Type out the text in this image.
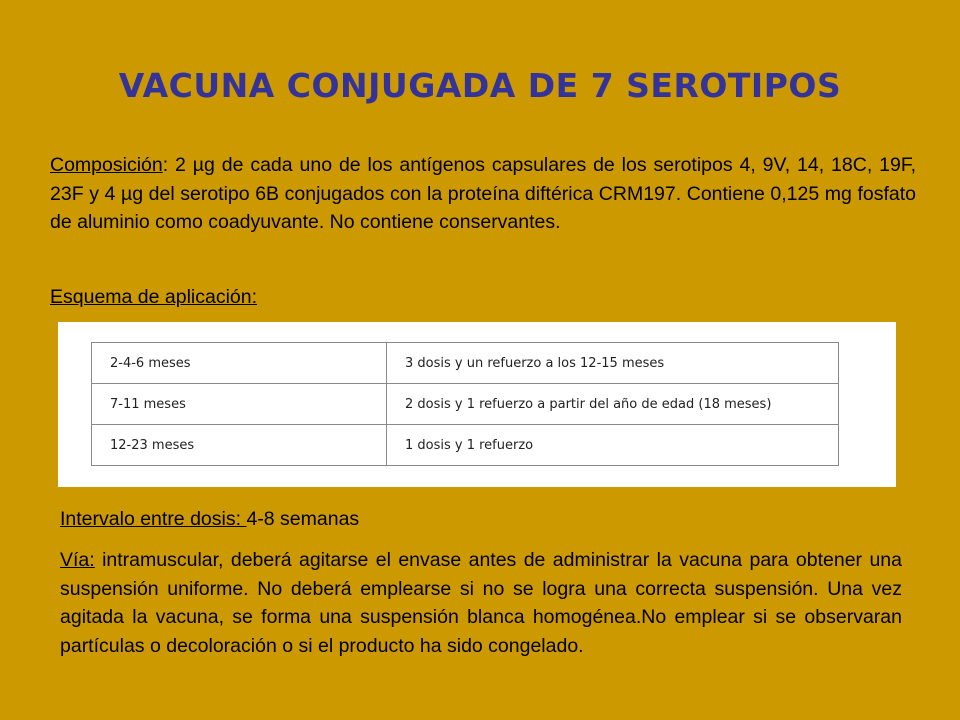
VACUNA CONJUGADA DE 7 SEROTIPOS
Composición: 2 µg de cada uno de los antígenos capsulares de los serotipos 4, 9V, 14, 18C, 19F, 23F y 4 µg del serotipo 6B conjugados con la proteína diftérica CRM197. Contiene 0,125 mg fosfato de aluminio como coadyuvante. No contiene conservantes.
Esquema de aplicación:
2-4-6 meses	3 dosis y un refuerzo a los 12-15 meses
7-11 meses	2 dosis y 1 refuerzo a partir del año de edad (18 meses)
12-23 meses	1 dosis y 1 refuerzo
Intervalo entre dosis: 4-8 semanas
Vía: intramuscular, deberá agitarse el envase antes de administrar la vacuna para obtener una suspensión uniforme. No deberá emplearse si no se logra una correcta suspensión. Una vez agitada la vacuna, se forma una suspensión blanca homogénea.No emplear si se observaran partículas o decoloración o si el producto ha sido congelado.
